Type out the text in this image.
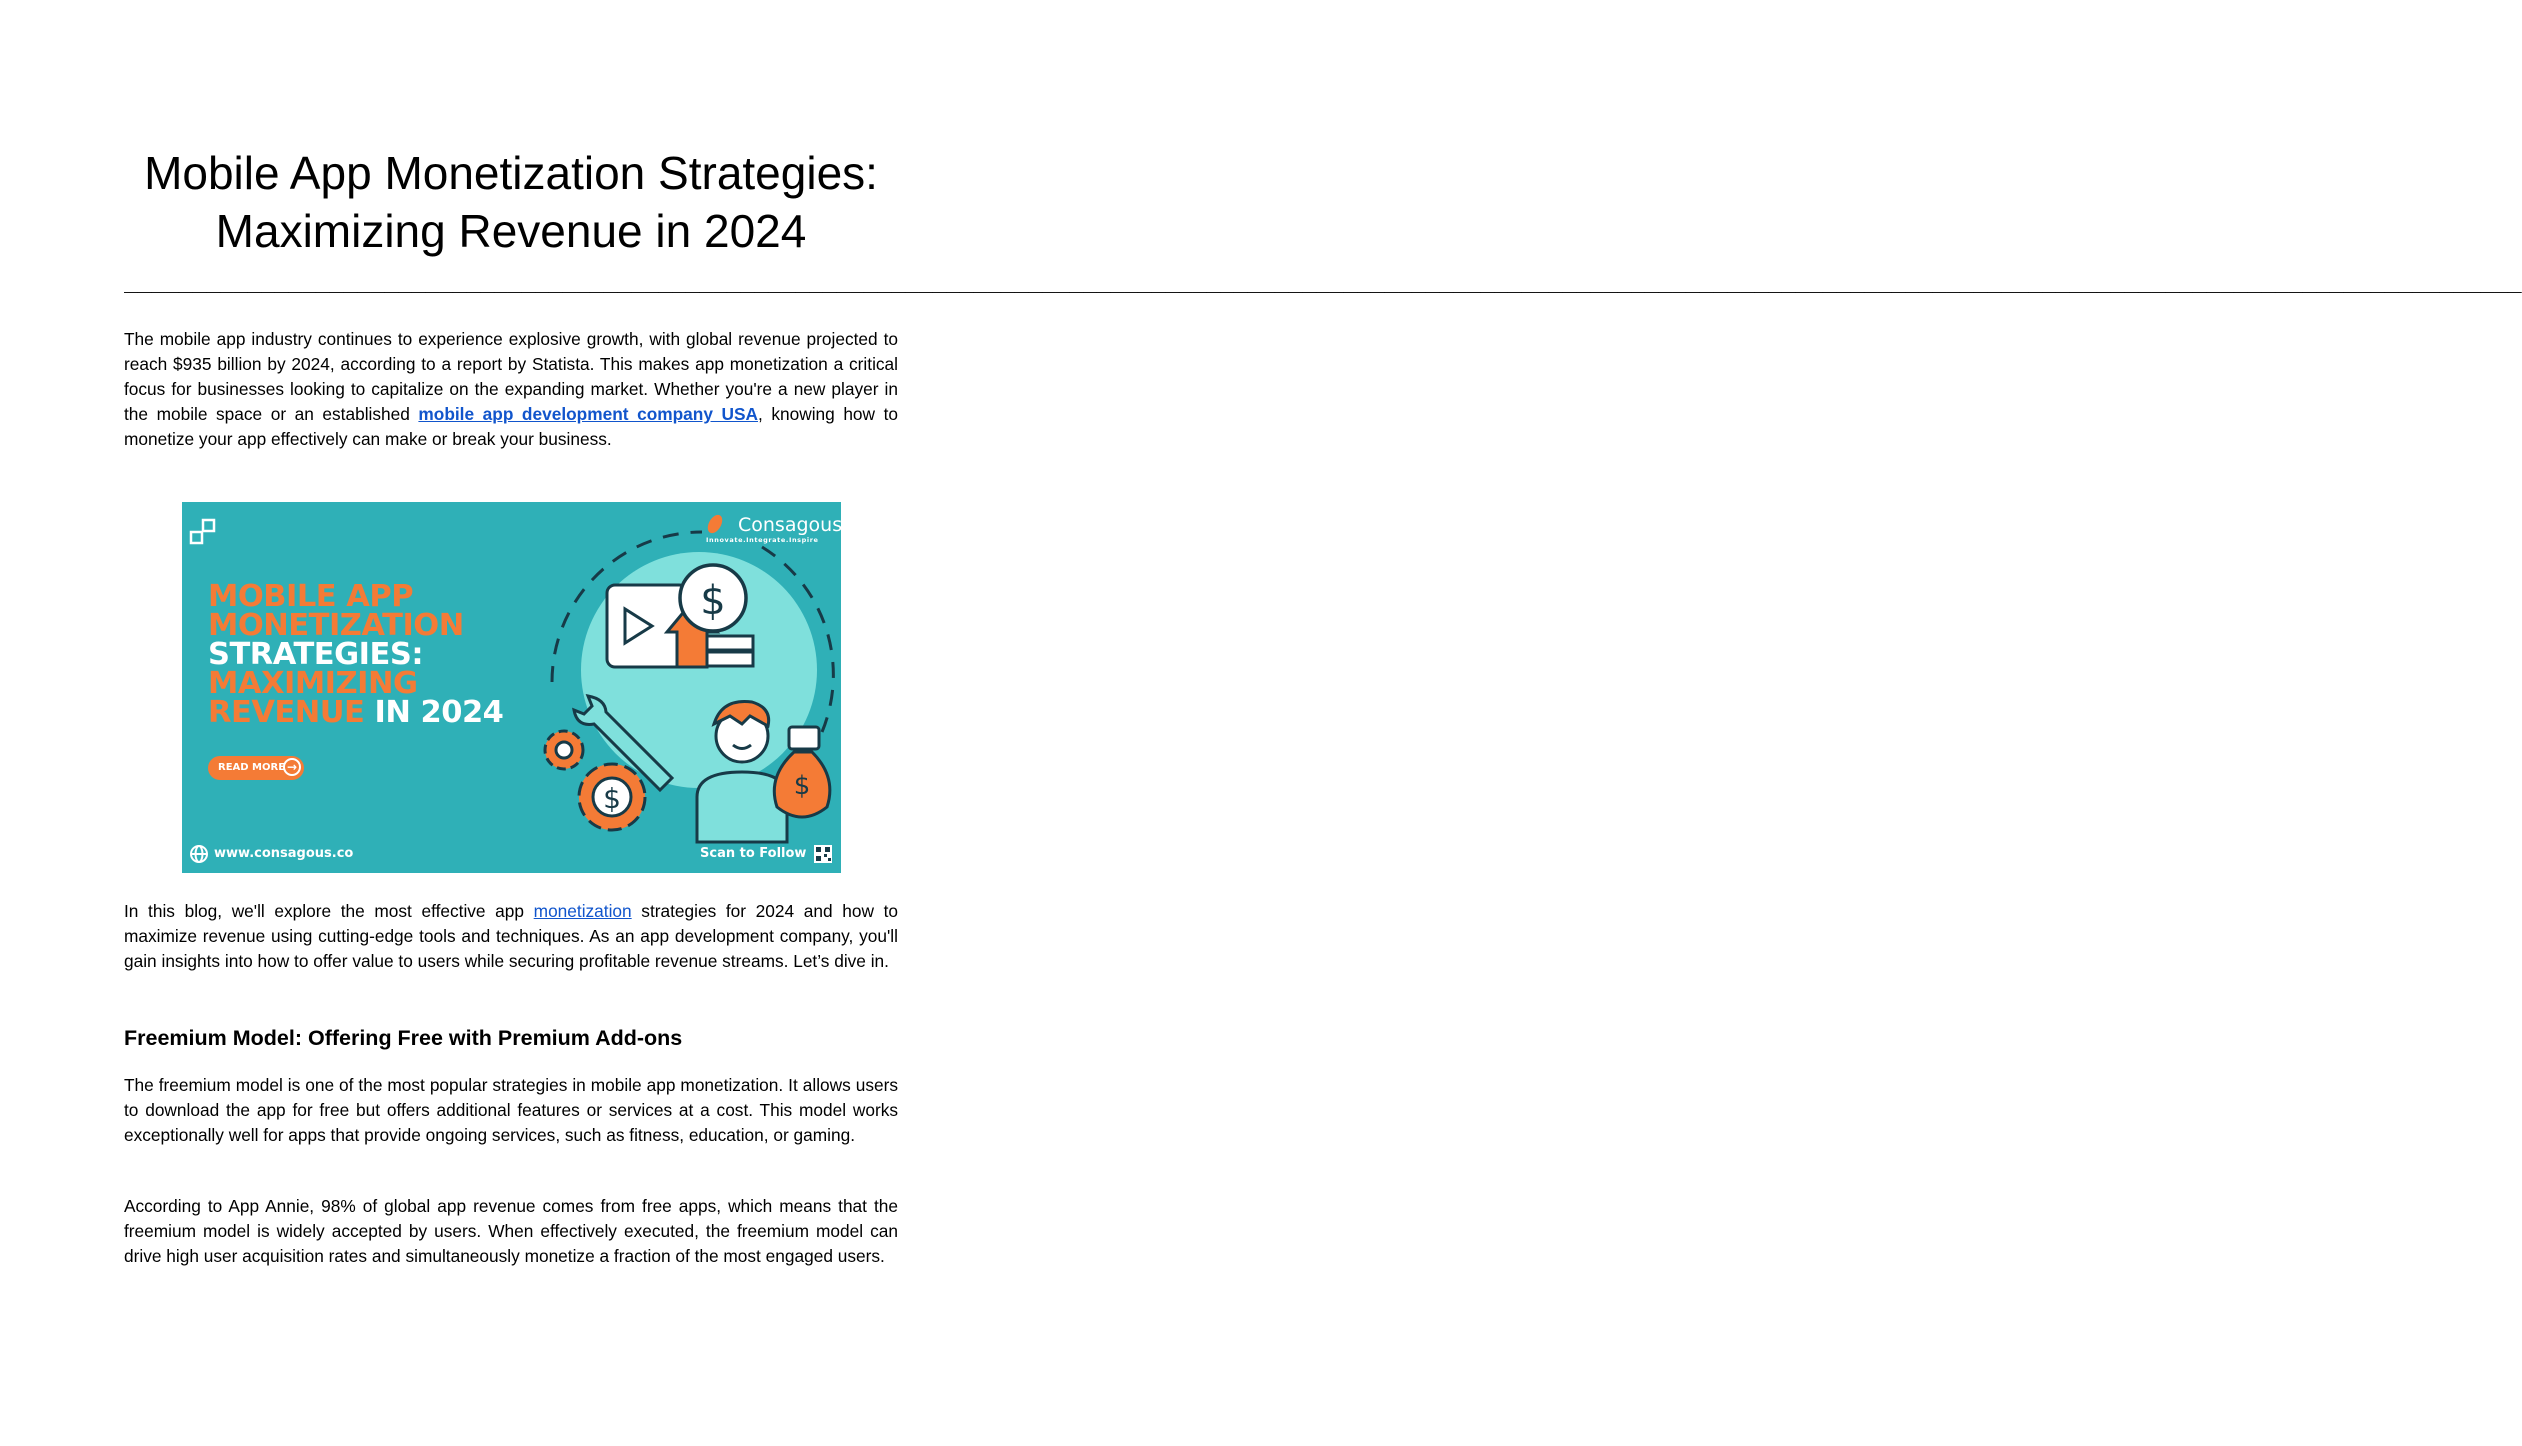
Mobile App Monetization Strategies:
Maximizing Revenue in 2024
———————————————————————————————————————————————————————————————————————————————————————————————————————————————————————————————————————————————————————————————————————————————

The mobile app industry continues to experience explosive growth, with global revenue projected to reach $935 billion by 2024, according to a report by Statista. This makes app monetization a critical focus for businesses looking to capitalize on the expanding market. Whether you're a new player in the mobile space or an established mobile app development company USA, knowing how to monetize your app effectively can make or break your business.

In this blog, we'll explore the most effective app monetization strategies for 2024 and how to maximize revenue using cutting-edge tools and techniques. As an app development company, you'll gain insights into how to offer value to users while securing profitable revenue streams. Let’s dive in.

Freemium Model: Offering Free with Premium Add-ons

The freemium model is one of the most popular strategies in mobile app monetization. It allows users to download the app for free but offers additional features or services at a cost. This model works exceptionally well for apps that provide ongoing services, such as fitness, education, or gaming.

According to App Annie, 98% of global app revenue comes from free apps, which means that the freemium model is widely accepted by users. When effectively executed, the freemium model can drive high user acquisition rates and simultaneously monetize a fraction of the most engaged users.

$
$	$
Consagous
Innovate.Integrate.Inspire
MOBILE APP
MONETIZATION
STRATEGIES:
MAXIMIZING
REVENUE IN 2024
READ MORE →
www.consagous.co	Scan to Follow
